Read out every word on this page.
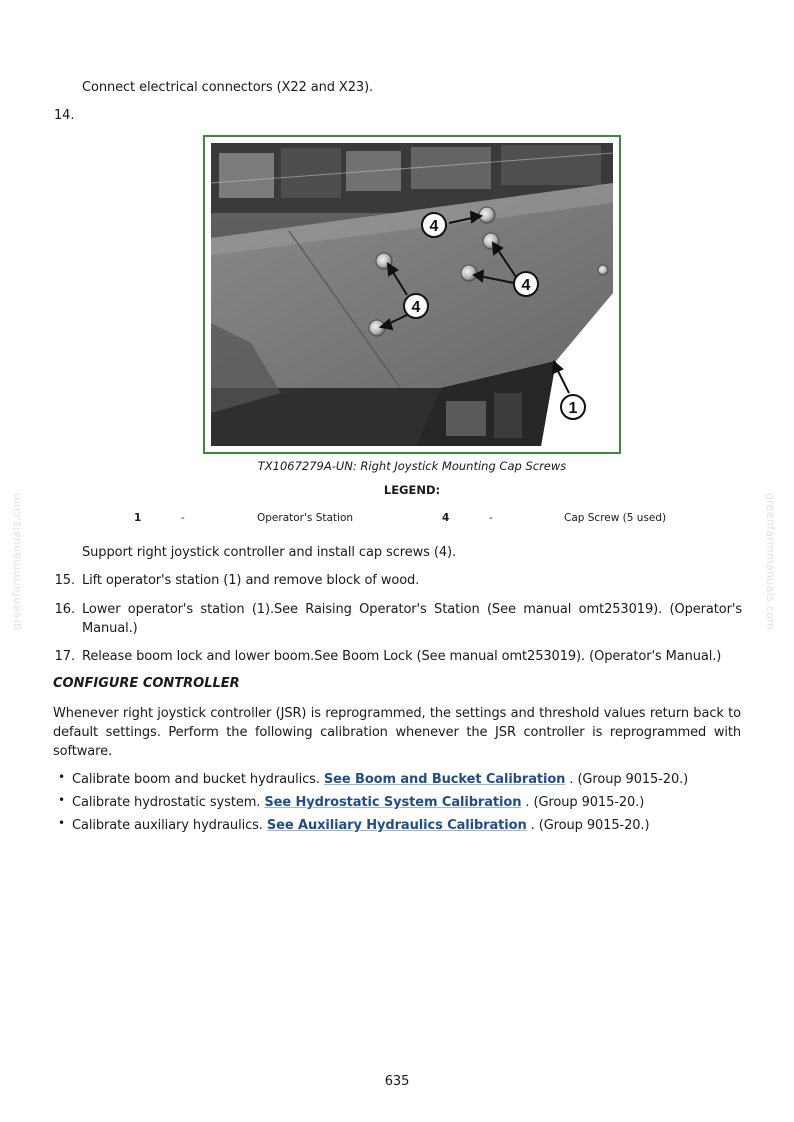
greenfarmmanuals.com	greenfarmmanuals.com
Connect electrical connectors (X22 and X23).
14.
4
4
4
1
TX1067279A-UN: Right Joystick Mounting Cap Screws
LEGEND:
1	-	Operator's Station	4	-	Cap Screw (5 used)
Support right joystick controller and install cap screws (4).
15. Lift operator's station (1) and remove block of wood.
16. Lower operator's station (1).See Raising Operator's Station (See manual omt253019). (Operator's
Manual.)
17. Release boom lock and lower boom.See Boom Lock (See manual omt253019). (Operator's Manual.)
CONFIGURE CONTROLLER
Whenever right joystick controller (JSR) is reprogrammed, the settings and threshold values return back to
default settings. Perform the following calibration whenever the JSR controller is reprogrammed with
software.
• Calibrate boom and bucket hydraulics. See Boom and Bucket Calibration . (Group 9015-20.)
• Calibrate hydrostatic system. See Hydrostatic System Calibration . (Group 9015-20.)
• Calibrate auxiliary hydraulics. See Auxiliary Hydraulics Calibration . (Group 9015-20.)
635
